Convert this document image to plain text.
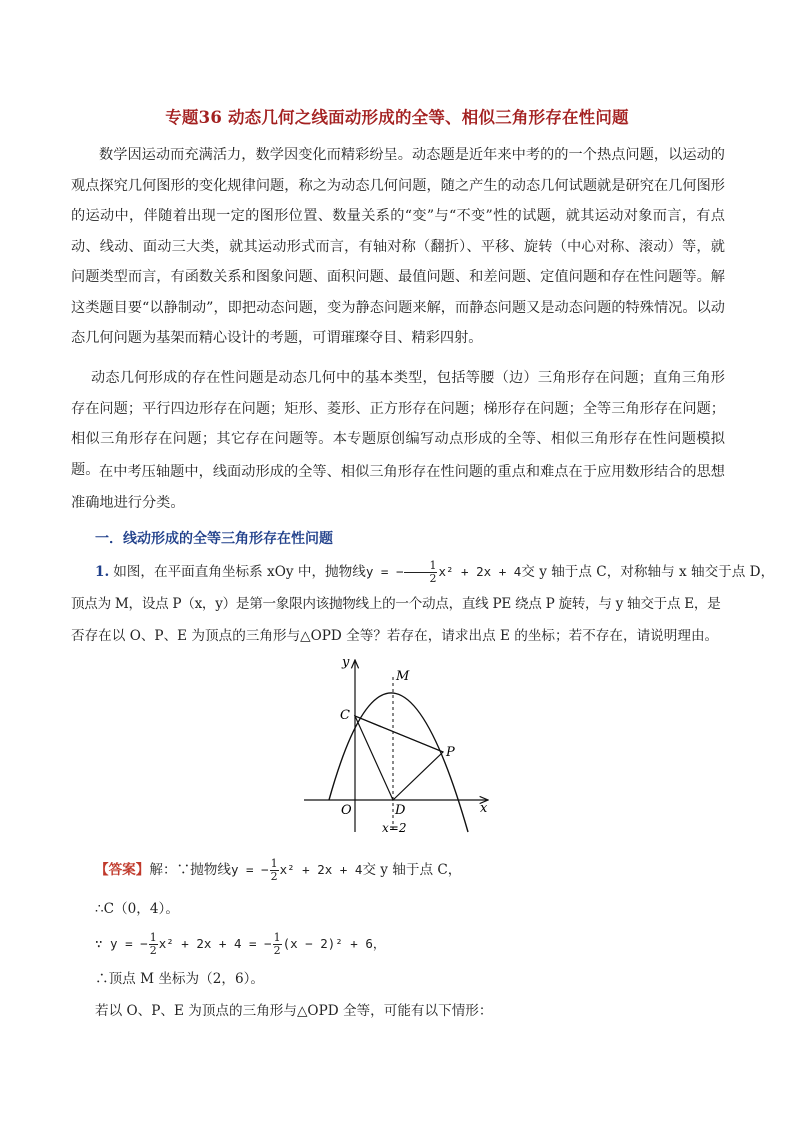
专题36 动态几何之线面动形成的全等、相似三角形存在性问题
数学因运动而充满活力，数学因变化而精彩纷呈。动态题是近年来中考的的一个热点问题，以运动的观点探究几何图形的变化规律问题，称之为动态几何问题，随之产生的动态几何试题就是研究在几何图形的运动中，伴随着出现一定的图形位置、数量关系的“变”与“不变”性的试题，就其运动对象而言，有点动、线动、面动三大类，就其运动形式而言，有轴对称（翻折）、平移、旋转（中心对称、滚动）等，就问题类型而言，有函数关系和图象问题、面积问题、最值问题、和差问题、定值问题和存在性问题等。解这类题目要“以静制动”，即把动态问题，变为静态问题来解，而静态问题又是动态问题的特殊情况。以动态几何问题为基架而精心设计的考题，可谓璀璨夺目、精彩四射。
动态几何形成的存在性问题是动态几何中的基本类型，包括等腰（边）三角形存在问题；直角三角形存在问题；平行四边形存在问题；矩形、菱形、正方形存在问题；梯形存在问题；全等三角形存在问题；相似三角形存在问题；其它存在问题等。本专题原创编写动点形成的全等、相似三角形存在性问题模拟题。 在中考压轴题中，线面动形成的全等、相似三角形存在性问题的重点和难点在于应用数形结合的思想准确地进行分类。
一．线动形成的全等三角形存在性问题
1. 如图，在平面直角坐标系 xOy 中，抛物线y = − $\frac{1}{2} x^2 + 2x + 4$交 y 轴于点 C，对称轴与 x 轴交于点 D，
顶点为 M，设点 P（x，y）是第一象限内该抛物线上的一个动点，直线 PE 绕点 P 旋转，与 y 轴交于点 E，是
否存在以 O、P、E 为顶点的三角形与△OPD 全等？若存在，请求出点 E 的坐标；若不存在，请说明理由。
y
x
M
C
P
O	D
x=2
【答案】解：∵抛物线y = − $\frac{1}{2} x^2 + 2x + 4$交 y 轴于点 C，
∴C（0，4）。
∵ y = − $\frac{1}{2} x^2 + 2x + 4$ = − $\frac{1}{2} (x - 2)^2 + 6$，
∴顶点 M 坐标为（2，6）。
若以 O、P、E 为顶点的三角形与△OPD 全等，可能有以下情形：
